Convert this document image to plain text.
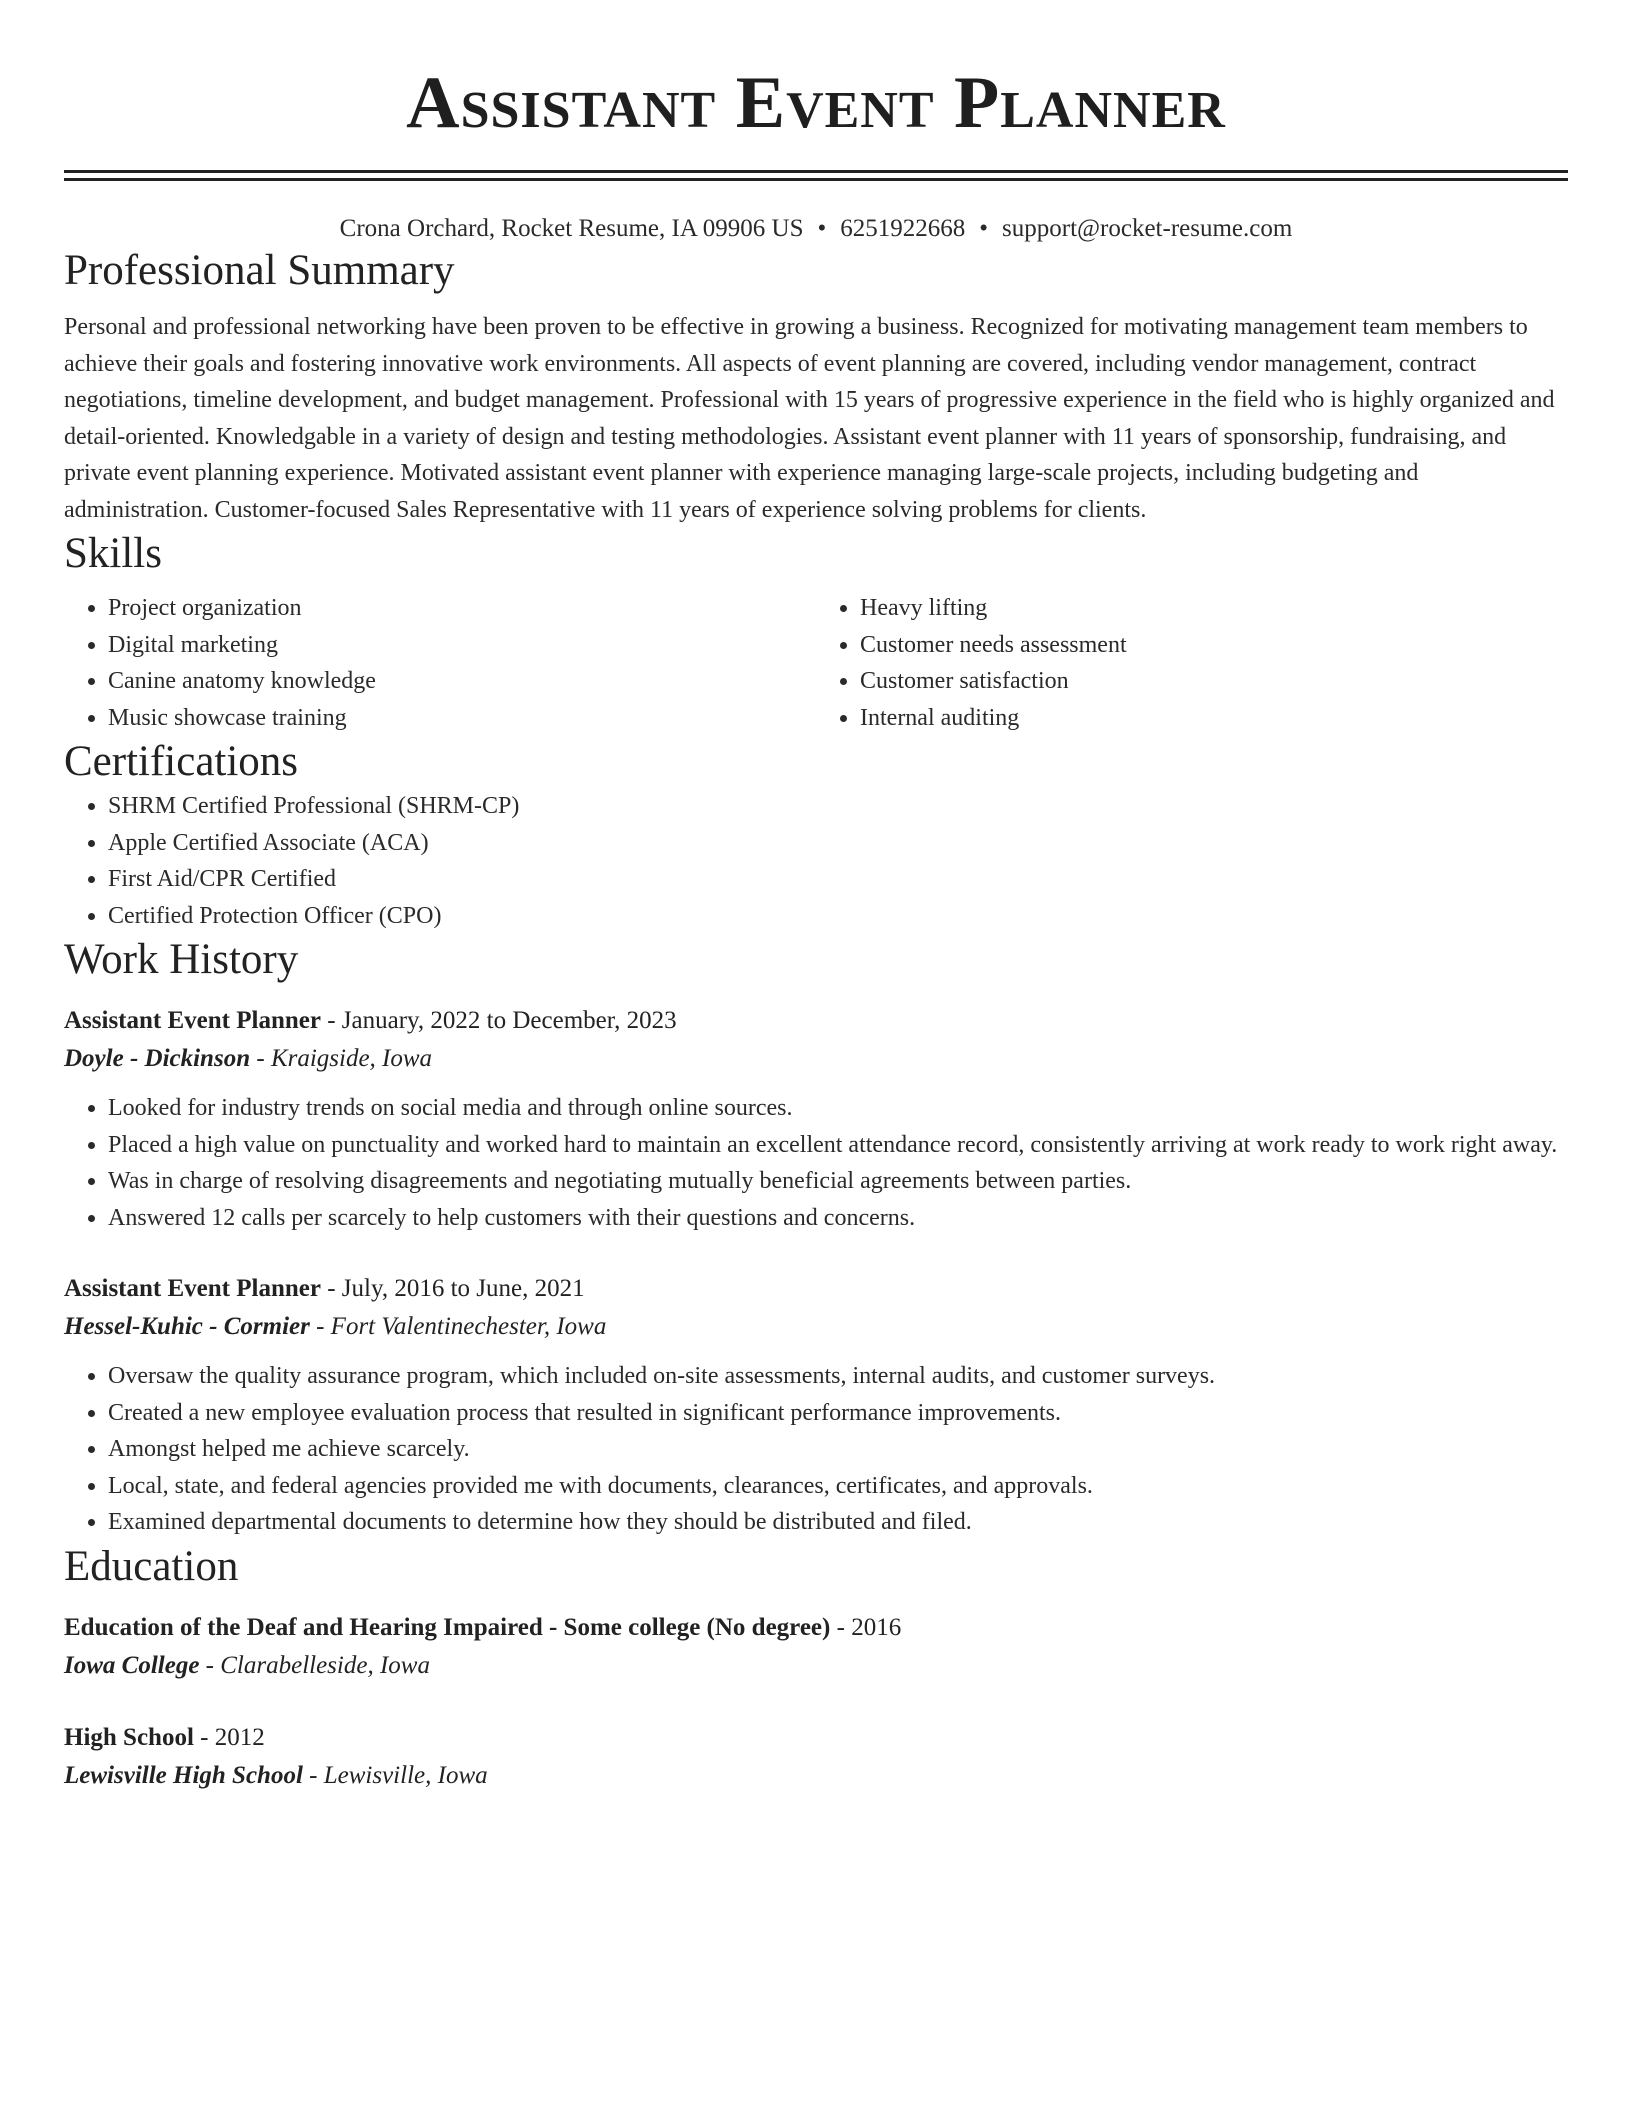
Assistant Event Planner
Crona Orchard, Rocket Resume, IA 09906 US • 6251922668 • support@rocket-resume.com
Professional Summary
Personal and professional networking have been proven to be effective in growing a business. Recognized for motivating management team members to achieve their goals and fostering innovative work environments. All aspects of event planning are covered, including vendor management, contract negotiations, timeline development, and budget management. Professional with 15 years of progressive experience in the field who is highly organized and detail-oriented. Knowledgable in a variety of design and testing methodologies. Assistant event planner with 11 years of sponsorship, fundraising, and private event planning experience. Motivated assistant event planner with experience managing large-scale projects, including budgeting and administration. Customer-focused Sales Representative with 11 years of experience solving problems for clients.
Skills
• Project organization
• Digital marketing
• Canine anatomy knowledge
• Music showcase training
• Heavy lifting
• Customer needs assessment
• Customer satisfaction
• Internal auditing
Certifications
• SHRM Certified Professional (SHRM-CP)
• Apple Certified Associate (ACA)
• First Aid/CPR Certified
• Certified Protection Officer (CPO)
Work History
Assistant Event Planner - January, 2022 to December, 2023
Doyle - Dickinson - Kraigside, Iowa
• Looked for industry trends on social media and through online sources.
• Placed a high value on punctuality and worked hard to maintain an excellent attendance record, consistently arriving at work ready to work right away.
• Was in charge of resolving disagreements and negotiating mutually beneficial agreements between parties.
• Answered 12 calls per scarcely to help customers with their questions and concerns.
Assistant Event Planner - July, 2016 to June, 2021
Hessel-Kuhic - Cormier - Fort Valentinechester, Iowa
• Oversaw the quality assurance program, which included on-site assessments, internal audits, and customer surveys.
• Created a new employee evaluation process that resulted in significant performance improvements.
• Amongst helped me achieve scarcely.
• Local, state, and federal agencies provided me with documents, clearances, certificates, and approvals.
• Examined departmental documents to determine how they should be distributed and filed.
Education
Education of the Deaf and Hearing Impaired - Some college (No degree) - 2016
Iowa College - Clarabelleside, Iowa
High School - 2012
Lewisville High School - Lewisville, Iowa
